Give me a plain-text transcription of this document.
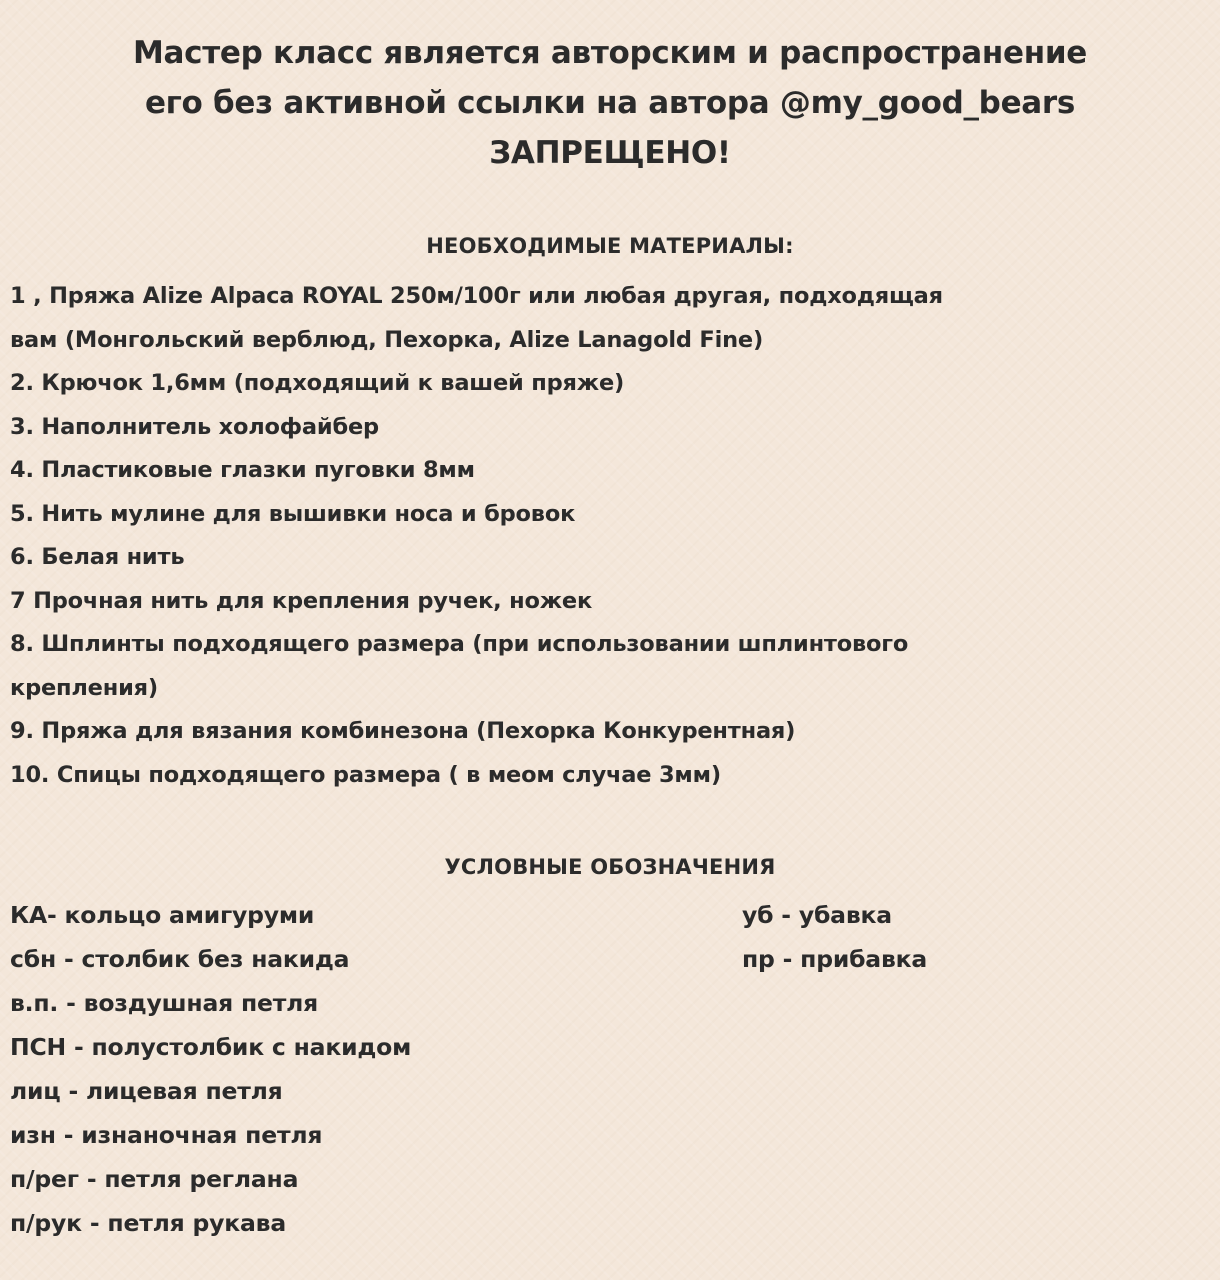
Мастер класс является авторским и распространение
его без активной ссылки на автора @my_good_bears
ЗАПРЕЩЕНО!
НЕОБХОДИМЫЕ МАТЕРИАЛЫ:
1 , Пряжа Alize Alpaca ROYAL 250м/100г или любая другая, подходящая
вам (Монгольский верблюд, Пехорка, Alize Lanagold Fine)
2. Крючок 1,6мм (подходящий к вашей пряже)
3. Наполнитель холофайбер
4. Пластиковые глазки пуговки 8мм
5. Нить мулине для вышивки носа и бровок
6. Белая нить
7 Прочная нить для крепления ручек, ножек
8. Шплинты подходящего размера (при использовании шплинтового
крепления)
9. Пряжа для вязания комбинезона (Пехорка Конкурентная)
10. Спицы подходящего размера ( в меом случае 3мм)
УСЛОВНЫЕ ОБОЗНАЧЕНИЯ
КА- кольцо амигуруми
сбн - столбик без накида
в.п. - воздушная петля
ПСН - полустолбик с накидом
лиц - лицевая петля
изн - изнаночная петля
п/рег - петля реглана
п/рук - петля рукава
уб - убавка
пр - прибавка
